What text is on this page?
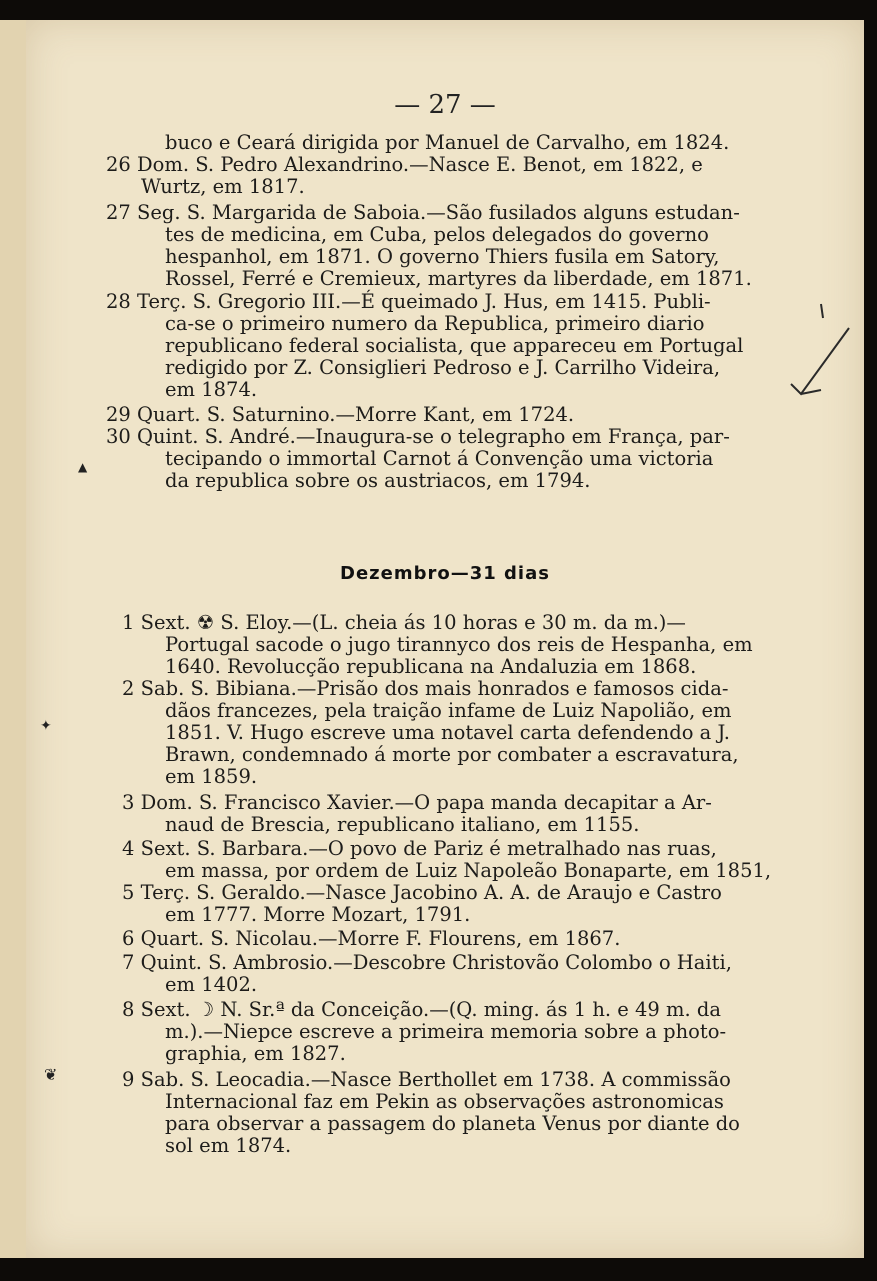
— 27 —
buco e Ceará dirigida por Manuel de Carvalho, em 1824.
26 Dom. S. Pedro Alexandrino.—Nasce E. Benot, em 1822, e
Wurtz, em 1817.
27 Seg. S. Margarida de Saboia.—São fusilados alguns estudan-
tes de medicina, em Cuba, pelos delegados do governo
hespanhol, em 1871. O governo Thiers fusila em Satory,
Rossel, Ferré e Cremieux, martyres da liberdade, em 1871.
28 Terç. S. Gregorio III.—É queimado J. Hus, em 1415. Publi-
ca-se o primeiro numero da Republica, primeiro diario
republicano federal socialista, que appareceu em Portugal
redigido por Z. Consiglieri Pedroso e J. Carrilho Videira,
em 1874.
29 Quart. S. Saturnino.—Morre Kant, em 1724.
30 Quint. S. André.—Inaugura-se o telegrapho em França, par-
tecipando o immortal Carnot á Convenção uma victoria
da republica sobre os austriacos, em 1794.
Dezembro—31 dias
1 Sext. ☢ S. Eloy.—(L. cheia ás 10 horas e 30 m. da m.)—
Portugal sacode o jugo tirannyco dos reis de Hespanha, em
1640. Revolucção republicana na Andaluzia em 1868.
2 Sab. S. Bibiana.—Prisão dos mais honrados e famosos cida-
dãos francezes, pela traição infame de Luiz Napolião, em
1851. V. Hugo escreve uma notavel carta defendendo a J.
Brawn, condemnado á morte por combater a escravatura,
em 1859.
3 Dom. S. Francisco Xavier.—O papa manda decapitar a Ar-
naud de Brescia, republicano italiano, em 1155.
4 Sext. S. Barbara.—O povo de Pariz é metralhado nas ruas,
em massa, por ordem de Luiz Napoleão Bonaparte, em 1851,
5 Terç. S. Geraldo.—Nasce Jacobino A. A. de Araujo e Castro
em 1777. Morre Mozart, 1791.
6 Quart. S. Nicolau.—Morre F. Flourens, em 1867.
7 Quint. S. Ambrosio.—Descobre Christovão Colombo o Haiti,
em 1402.
8 Sext. ☽ N. Sr.ª da Conceição.—(Q. ming. ás 1 h. e 49 m. da
m.).—Niepce escreve a primeira memoria sobre a photo-
graphia, em 1827.
9 Sab. S. Leocadia.—Nasce Berthollet em 1738. A commissão
Internacional faz em Pekin as observações astronomicas
para observar a passagem do planeta Venus por diante do
sol em 1874.
✦
❦
▲
